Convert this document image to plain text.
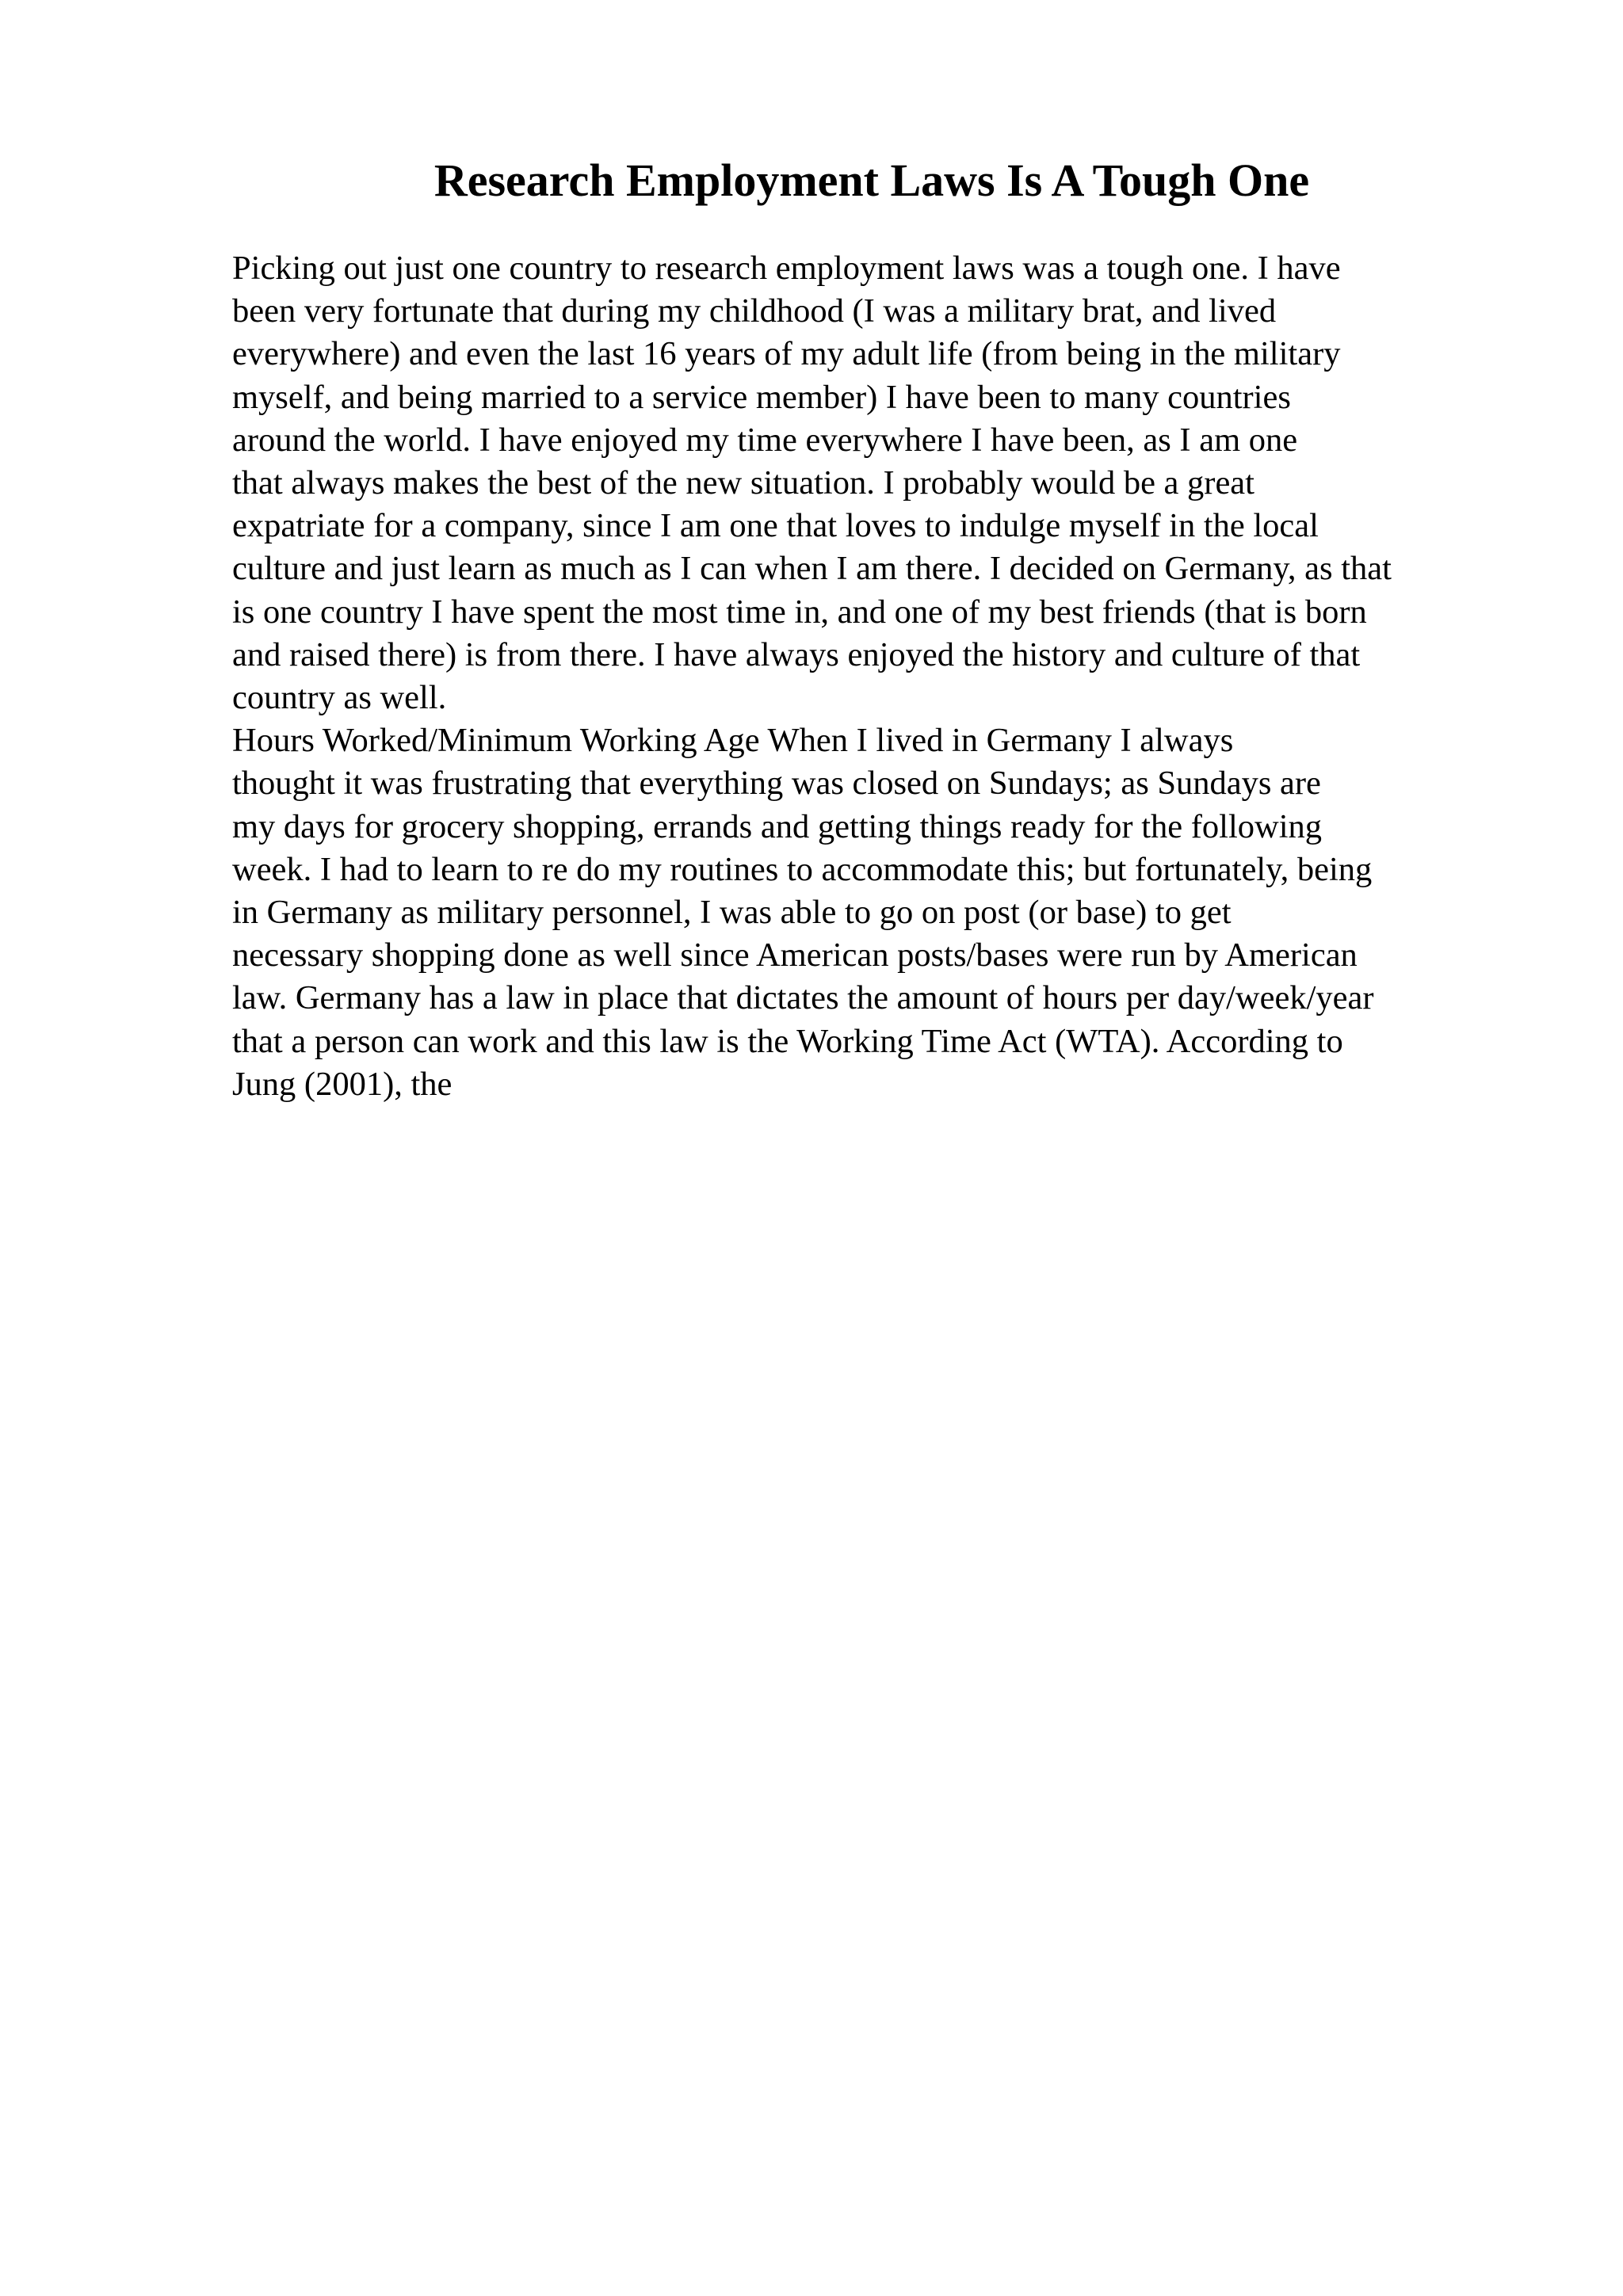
Research Employment Laws Is A Tough One

Picking out just one country to research employment laws was a tough one. I have

been very fortunate that during my childhood (I was a military brat, and lived

everywhere) and even the last 16 years of my adult life (from being in the military

myself, and being married to a service member) I have been to many countries

around the world. I have enjoyed my time everywhere I have been, as I am one

that always makes the best of the new situation. I probably would be a great

expatriate for a company, since I am one that loves to indulge myself in the local

culture and just learn as much as I can when I am there. I decided on Germany, as that

is one country I have spent the most time in, and one of my best friends (that is born

and raised there) is from there. I have always enjoyed the history and culture of that

country as well.

Hours Worked/Minimum Working Age When I lived in Germany I always

thought it was frustrating that everything was closed on Sundays; as Sundays are

my days for grocery shopping, errands and getting things ready for the following

week. I had to learn to re do my routines to accommodate this; but fortunately, being

in Germany as military personnel, I was able to go on post (or base) to get

necessary shopping done as well since American posts/bases were run by American

law. Germany has a law in place that dictates the amount of hours per day/week/year

that a person can work and this law is the Working Time Act (WTA). According to

Jung (2001), the
